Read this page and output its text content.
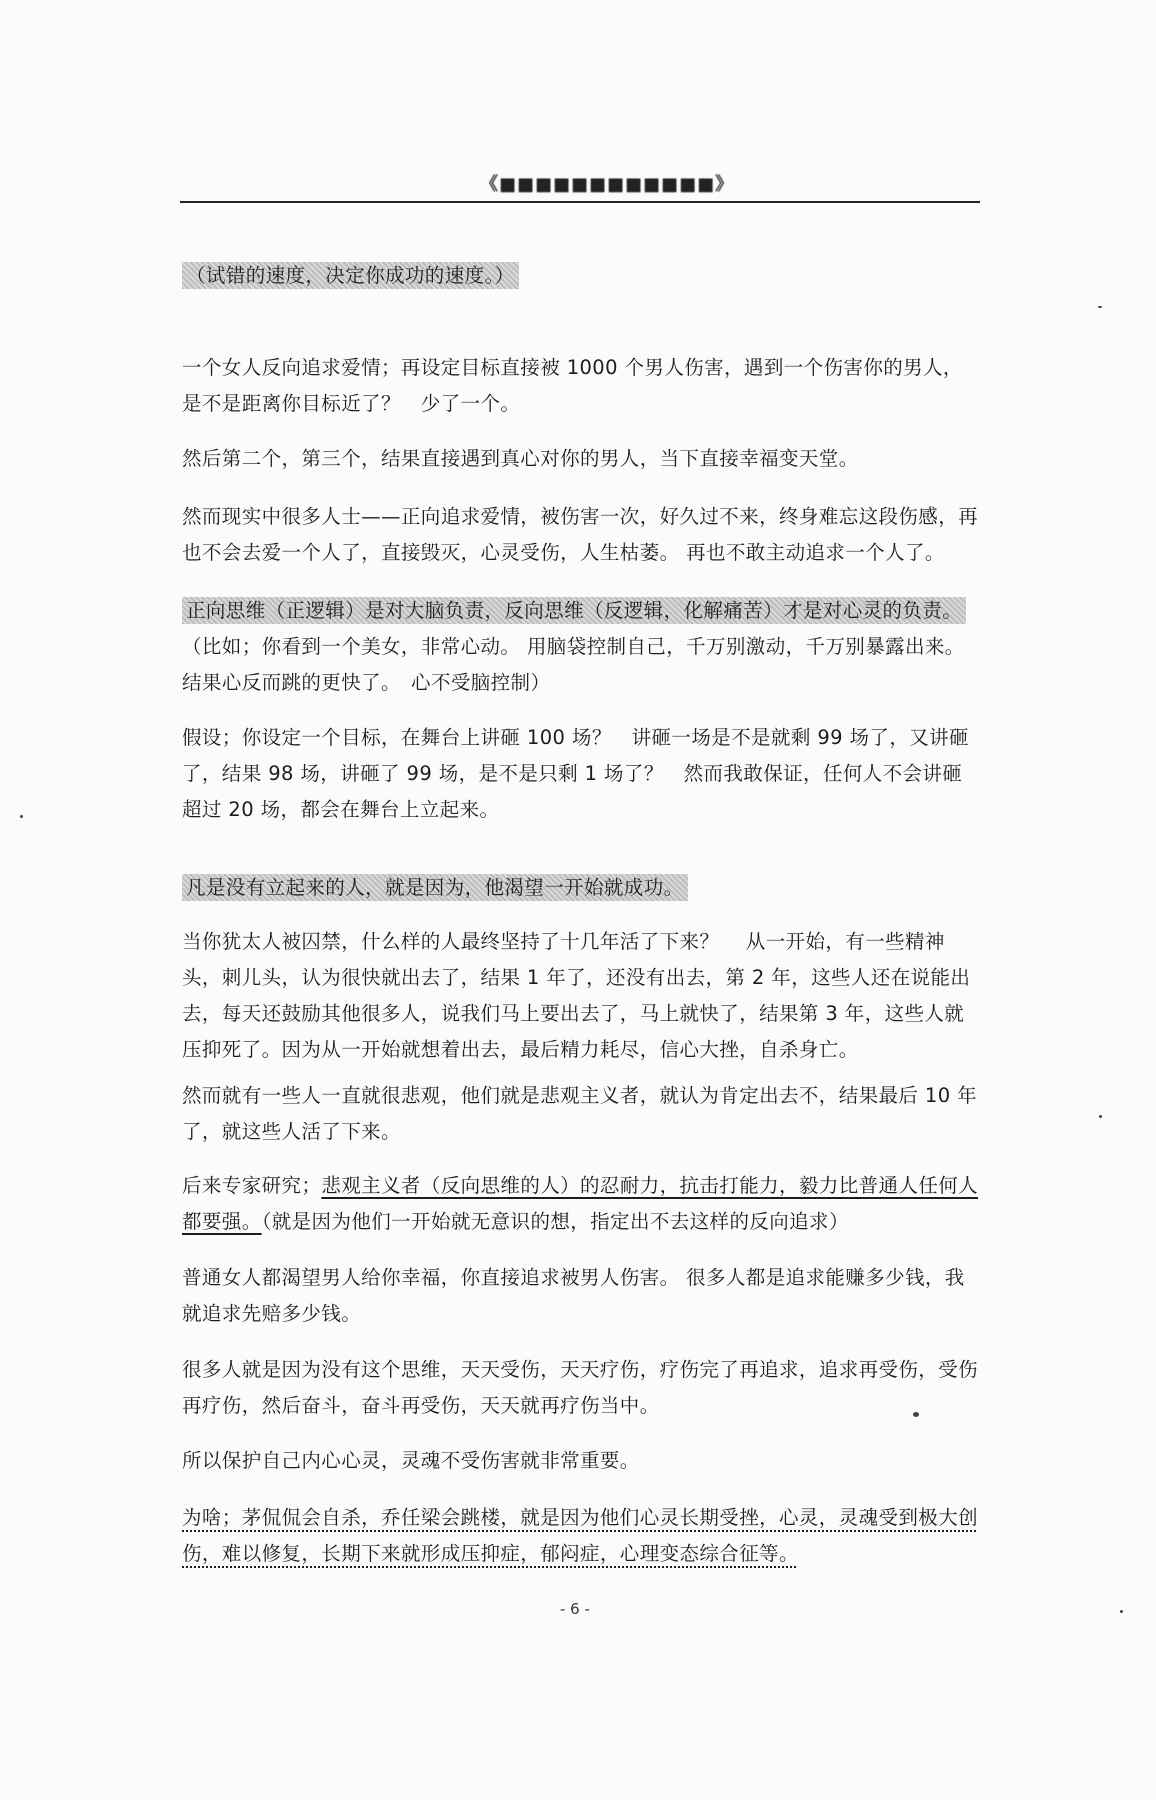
《■■■■■■■■■■■■》

（试错的速度，决定你成功的速度。）

一个女人反向追求爱情；再设定目标直接被 1000 个男人伤害，遇到一个伤害你的男人，是不是距离你目标近了？　少了一个。

然后第二个，第三个，结果直接遇到真心对你的男人，当下直接幸福变天堂。

然而现实中很多人士——正向追求爱情，被伤害一次，好久过不来，终身难忘这段伤感，再也不会去爱一个人了，直接毁灭，心灵受伤，人生枯萎。 再也不敢主动追求一个人了。

正向思维（正逻辑）是对大脑负责，反向思维（反逻辑，化解痛苦）才是对心灵的负责。（比如；你看到一个美女，非常心动。 用脑袋控制自己，千万别激动，千万别暴露出来。结果心反而跳的更快了。　心不受脑控制）

假设；你设定一个目标，在舞台上讲砸 100 场？　讲砸一场是不是就剩 99 场了，又讲砸了，结果 98 场，讲砸了 99 场，是不是只剩 1 场了？　然而我敢保证，任何人不会讲砸超过 20 场，都会在舞台上立起来。

凡是没有立起来的人，就是因为，他渴望一开始就成功。

当你犹太人被囚禁，什么样的人最终坚持了十几年活了下来？　 从一开始，有一些精神头，刺儿头，认为很快就出去了，结果 1 年了，还没有出去，第 2 年，这些人还在说能出去，每天还鼓励其他很多人，说我们马上要出去了，马上就快了，结果第 3 年，这些人就压抑死了。因为从一开始就想着出去，最后精力耗尽，信心大挫，自杀身亡。

然而就有一些人一直就很悲观，他们就是悲观主义者，就认为肯定出去不，结果最后 10 年了，就这些人活了下来。

后来专家研究；悲观主义者（反向思维的人）的忍耐力，抗击打能力，毅力比普通人任何人都要强。（就是因为他们一开始就无意识的想，指定出不去这样的反向追求）

普通女人都渴望男人给你幸福，你直接追求被男人伤害。 很多人都是追求能赚多少钱，我就追求先赔多少钱。

很多人就是因为没有这个思维，天天受伤，天天疗伤，疗伤完了再追求，追求再受伤，受伤再疗伤，然后奋斗，奋斗再受伤，天天就再疗伤当中。

所以保护自己内心心灵，灵魂不受伤害就非常重要。

为啥；茅侃侃会自杀，乔任梁会跳楼，就是因为他们心灵长期受挫，心灵，灵魂受到极大创伤，难以修复，长期下来就形成压抑症，郁闷症，心理变态综合征等。

- 6 -
